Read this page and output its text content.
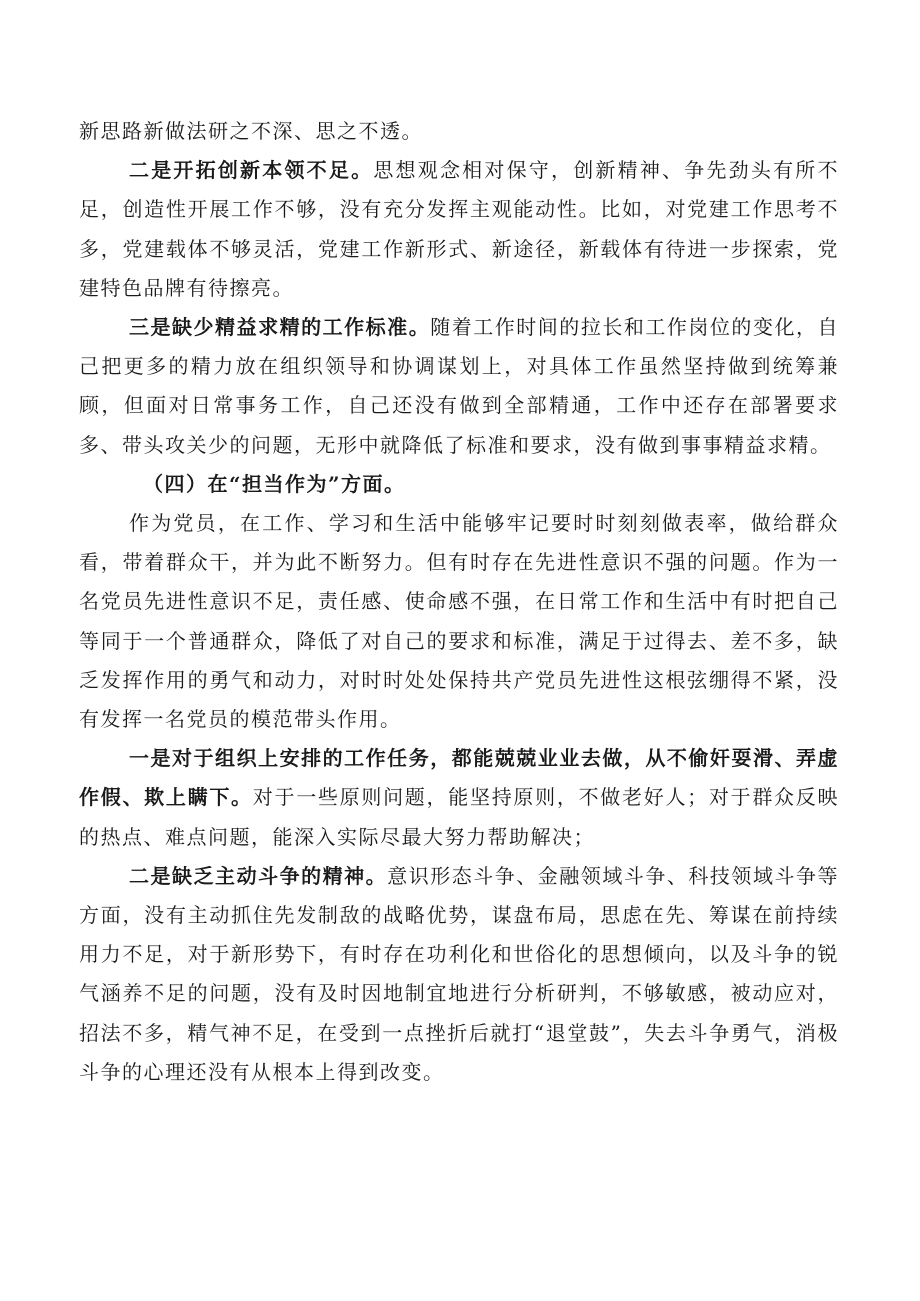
新思路新做法研之不深、思之不透。

二是开拓创新本领不足。思想观念相对保守，创新精神、争先劲头有所不足，创造性开展工作不够，没有充分发挥主观能动性。比如，对党建工作思考不多，党建载体不够灵活，党建工作新形式、新途径，新载体有待进一步探索，党建特色品牌有待擦亮。

三是缺少精益求精的工作标准。随着工作时间的拉长和工作岗位的变化，自己把更多的精力放在组织领导和协调谋划上，对具体工作虽然坚持做到统筹兼顾，但面对日常事务工作，自己还没有做到全部精通，工作中还存在部署要求多、带头攻关少的问题，无形中就降低了标准和要求，没有做到事事精益求精。

（四）在“担当作为”方面。

作为党员，在工作、学习和生活中能够牢记要时时刻刻做表率，做给群众看，带着群众干，并为此不断努力。但有时存在先进性意识不强的问题。作为一名党员先进性意识不足，责任感、使命感不强，在日常工作和生活中有时把自己等同于一个普通群众，降低了对自己的要求和标准，满足于过得去、差不多，缺乏发挥作用的勇气和动力，对时时处处保持共产党员先进性这根弦绷得不紧，没有发挥一名党员的模范带头作用。

一是对于组织上安排的工作任务，都能兢兢业业去做，从不偷奸耍滑、弄虚作假、欺上瞒下。对于一些原则问题，能坚持原则，不做老好人；对于群众反映的热点、难点问题，能深入实际尽最大努力帮助解决；

二是缺乏主动斗争的精神。意识形态斗争、金融领域斗争、科技领域斗争等方面，没有主动抓住先发制敌的战略优势，谋盘布局，思虑在先、筹谋在前持续用力不足，对于新形势下，有时存在功利化和世俗化的思想倾向，以及斗争的锐气涵养不足的问题，没有及时因地制宜地进行分析研判，不够敏感，被动应对，招法不多，精气神不足，在受到一点挫折后就打“退堂鼓”，失去斗争勇气，消极斗争的心理还没有从根本上得到改变。
